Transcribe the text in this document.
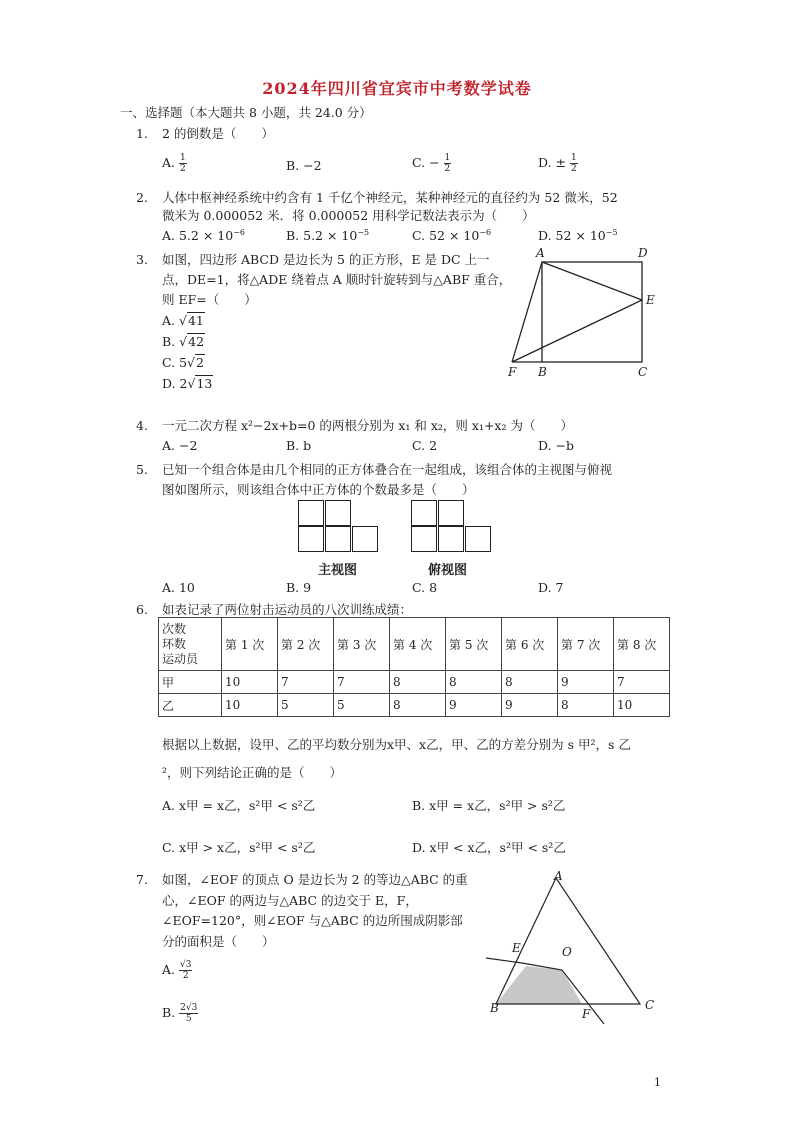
2024年四川省宜宾市中考数学试卷
一、选择题（本大题共 8 小题，共 24.0 分）
1. 2 的倒数是（　　）
A. $\frac{1}{2}$	B. −2	C. − $\frac{1}{2}$	D. ± $\frac{1}{2}$
2. 人体中枢神经系统中约含有 1 千亿个神经元，某种神经元的直径约为 52 微米，52
微米为 0.000052 米．将 0.000052 用科学记数法表示为（　　）
A. $5.2 \times 10^{-6}$	B. $5.2 \times 10^{-5}$	C. $52 \times 10^{-6}$	D. $52 \times 10^{-5}$
3. 如图，四边形 ABCD 是边长为 5 的正方形，E 是 DC 上一
点，DE=1，将△ADE 绕着点 A 顺时针旋转到与△ABF 重合，
则 EF=（　　）
A. √41
B. √42
C. 5√2
D. 2√13
A	D
E
F B	C
4. 一元二次方程 x²−2x+b=0 的两根分别为 x₁ 和 x₂，则 x₁+x₂ 为（　　）
A. −2	B. b	C. 2	D. −b
5. 已知一个组合体是由几个相同的正方体叠合在一起组成，该组合体的主视图与俯视
图如图所示，则该组合体中正方体的个数最多是（　　）
主视图	俯视图
A. 10	B. 9	C. 8	D. 7
6. 如表记录了两位射击运动员的八次训练成绩：
次数
环数
运动员	第 1 次	第 2 次	第 3 次	第 4 次	第 5 次	第 6 次	第 7 次	第 8 次
甲	10	7	7	8	8	8	9	7
乙	10	5	5	8	9	9	8	10
根据以上数据，设甲、乙的平均数分别为x甲、x乙，甲、乙的方差分别为 s 甲²，s 乙
²，则下列结论正确的是（　　）
A. x甲 = x乙，s²甲 < s²乙	B. x甲 = x乙，s²甲 > s²乙
C. x甲 > x乙，s²甲 < s²乙	D. x甲 < x乙，s²甲 < s²乙
7. 如图，∠EOF 的顶点 O 是边长为 2 的等边△ABC 的重
心，∠EOF 的两边与△ABC 的边交于 E，F，
∠EOF=120°，则∠EOF 与△ABC 的边所围成阴影部
分的面积是（　　）
A. $\frac{√3}{2}$
B. $\frac{2√3}{5}$
A
B	C
E	O
F
1
